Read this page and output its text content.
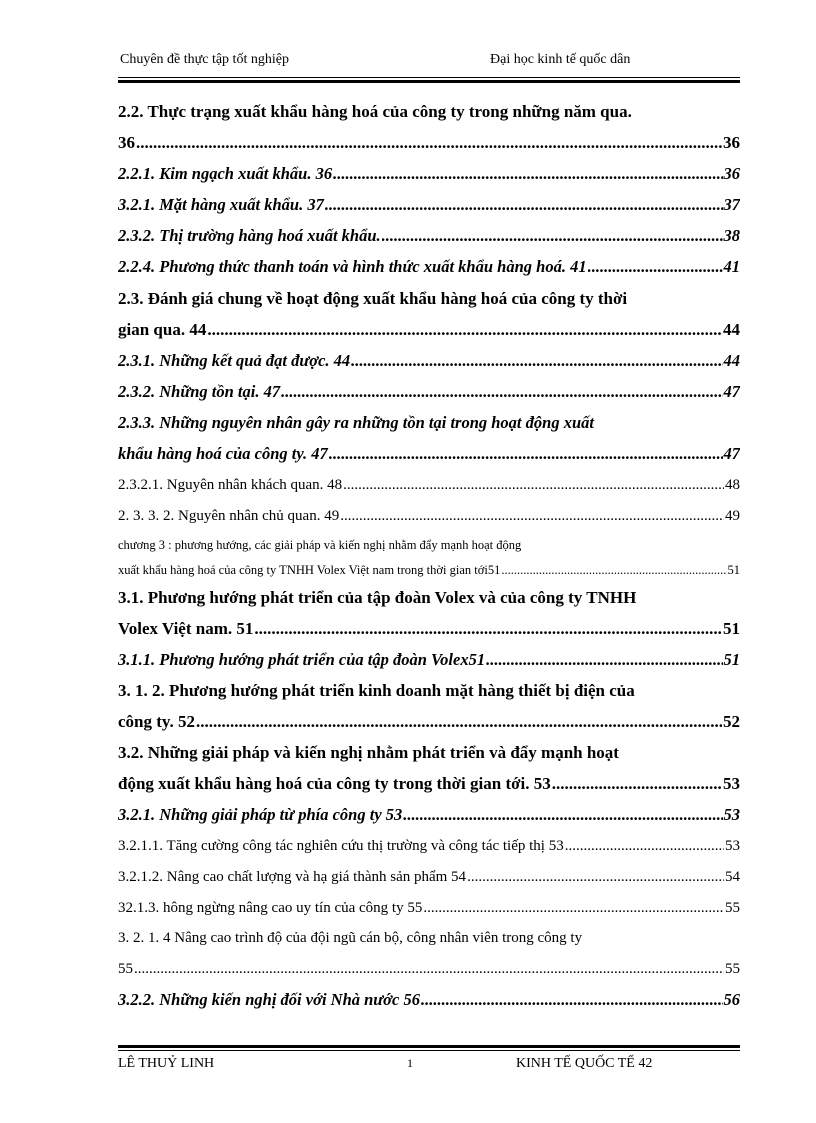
Chuyên đề thực tập tốt nghiệp	Đại học kinh tế quốc dân
2.2. Thực trạng xuất khẩu hàng hoá của công ty trong những năm qua.
36 .....	36
2.2.1. Kim ngạch xuất khẩu. 36 .....	36
3.2.1. Mặt hàng xuất khẩu. 37 .....	37
2.3.2. Thị trường hàng hoá xuất khẩu. .....	38
2.2.4. Phương thức thanh toán và hình thức xuất khẩu hàng hoá. 41 .....	41
2.3. Đánh giá chung về hoạt động xuất khẩu hàng hoá của công ty thời
gian qua. 44 .....	44
2.3.1. Những kết quả đạt được. 44 .....	44
2.3.2. Những tồn tại. 47 .....	47
2.3.3. Những nguyên nhân gây ra những tồn tại trong hoạt động xuất
khẩu hàng hoá của công ty. 47 .....	47
2.3.2.1. Nguyên nhân khách quan. 48 .....	48
2. 3. 3. 2. Nguyên nhân chủ quan. 49 .....	49
chương 3 : phương hướng, các giải pháp và kiến nghị nhằm đẩy mạnh hoạt động
xuất khẩu hàng hoá của công ty TNHH Volex Việt nam trong thời gian tới51 .....	51
3.1. Phương hướng phát triển của tập đoàn Volex và của công ty TNHH
Volex Việt nam. 51 .....	51
3.1.1. Phương hướng phát triển của tập đoàn Volex51 .....	51
3. 1. 2. Phương hướng phát triển kinh doanh mặt hàng thiết bị điện của
công ty. 52 .....	52
3.2. Những giải pháp và kiến nghị nhằm phát triển và đẩy mạnh hoạt
động xuất khẩu hàng hoá của công ty trong thời gian tới. 53 .....	53
3.2.1. Những giải pháp từ phía công ty 53 .....	53
3.2.1.1. Tăng cường công tác nghiên cứu thị trường và công tác tiếp thị 53 .....	53
3.2.1.2. Nâng cao chất lượng và hạ giá thành sản phẩm 54 .....	54
32.1.3. hông ngừng nâng cao uy tín của công ty 55 .....	55
3. 2. 1. 4 Nâng cao trình độ của đội ngũ cán bộ, công nhân viên trong công ty
55 .....	55
3.2.2. Những kiến nghị đối với Nhà nước 56 .....	56
LÊ THUỶ LINH	1	KINH TẾ QUỐC TẾ 42
